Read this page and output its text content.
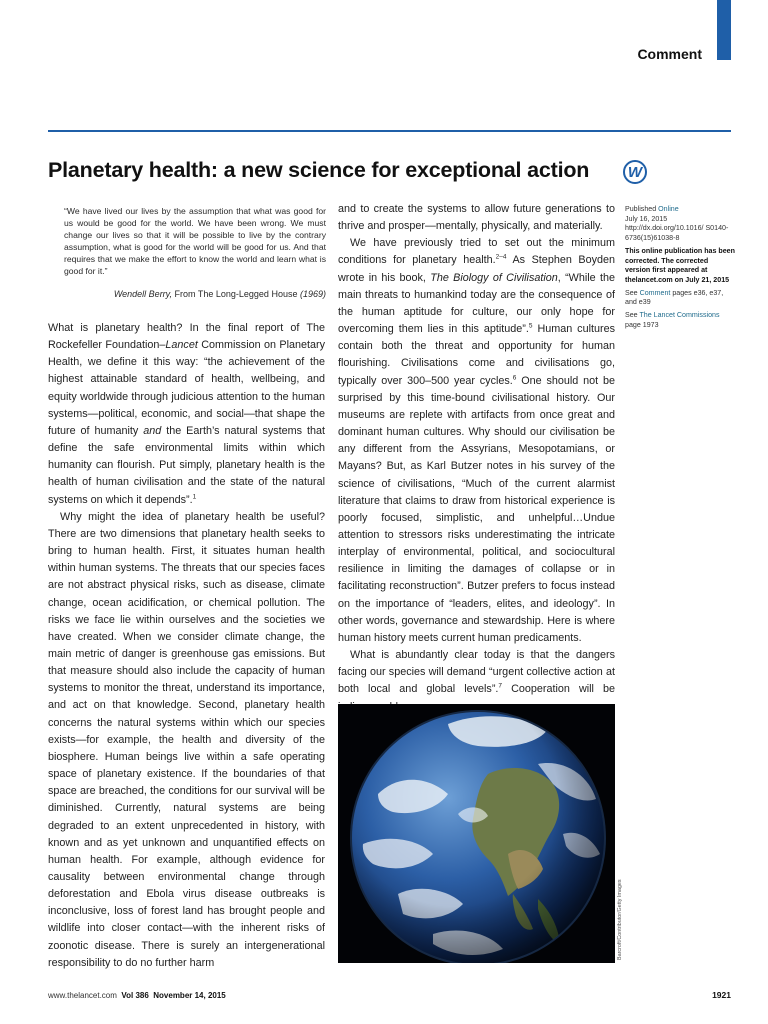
Comment
Planetary health: a new science for exceptional action	W
“We have lived our lives by the assumption that what was good for us would be good for the world. We have been wrong. We must change our lives so that it will be possible to live by the contrary assumption, what is good for the world will be good for us. And that requires that we make the effort to know the world and learn what is good for it.”
Wendell Berry, From The Long-Legged House (1969)

What is planetary health? In the final report of The Rockefeller Foundation–Lancet Commission on Planetary Health, we define it this way: “the achievement of the highest attainable standard of health, wellbeing, and equity worldwide through judicious attention to the human systems—political, economic, and social—that shape the future of humanity and the Earth’s natural systems that define the safe environmental limits within which humanity can flourish. Put simply, planetary health is the health of human civilisation and the state of the natural systems on which it depends”.$^1$

Why might the idea of planetary health be useful? There are two dimensions that planetary health seeks to bring to human health. First, it situates human health within human systems. The threats that our species faces are not abstract physical risks, such as disease, climate change, ocean acidification, or chemical pollution. The risks we face lie within ourselves and the societies we have created. When we consider climate change, the main metric of danger is greenhouse gas emissions. But that measure should also include the capacity of human systems to monitor the threat, understand its importance, and act on that knowledge. Second, planetary health concerns the natural systems within which our species exists—for example, the health and diversity of the biosphere. Human beings live within a safe operating space of planetary existence. If the boundaries of that space are breached, the conditions for our survival will be diminished. Currently, natural systems are being degraded to an extent unprecedented in history, with known and as yet unknown and unquantified effects on human health. For example, although evidence for causality between environmental change through deforestation and Ebola virus disease outbreaks is inconclusive, loss of forest land has brought people and wildlife into closer contact—with the inherent risks of zoonotic disease. There is surely an intergenerational responsibility to do no further harm

and to create the systems to allow future generations to thrive and prosper—mentally, physically, and materially.

We have previously tried to set out the minimum conditions for planetary health.$^{2-4}$ As Stephen Boyden wrote in his book, The Biology of Civilisation, “While the main threats to humankind today are the consequence of the human aptitude for culture, our only hope for overcoming them lies in this aptitude”.$^5$ Human cultures contain both the threat and opportunity for human flourishing. Civilisations come and civilisations go, typically over 300–500 year cycles.$^6$ One should not be surprised by this time-bound civilisational history. Our museums are replete with artifacts from once great and dominant human cultures. Why should our civilisation be any different from the Assyrians, Mesopotamians, or Mayans? But, as Karl Butzer notes in his survey of the science of civilisations, “Much of the current alarmist literature that claims to draw from historical experience is poorly focused, simplistic, and unhelpful…Undue attention to stressors risks underestimating the intricate interplay of environmental, political, and sociocultural resilience in limiting the damages of collapse or in facilitating reconstruction”. Butzer prefers to focus instead on the importance of “leaders, elites, and ideology”. In other words, governance and stewardship. Here is where human history meets current human predicaments.

What is abundantly clear today is that the dangers facing our species will demand “urgent collective action at both local and global levels”.$^7$ Cooperation will be

Published Online
July 16, 2015
http://dx.doi.org/10.1016/ S0140-6736(15)61038-8
This online publication has been corrected. The corrected version first appeared at thelancet.com on July 21, 2015
See Comment pages e36, e37, and e39
See The Lancet Commissions page 1973
Barcroft/Contributor/Getty Images
www.thelancet.com Vol 386 November 14, 2015	1921
